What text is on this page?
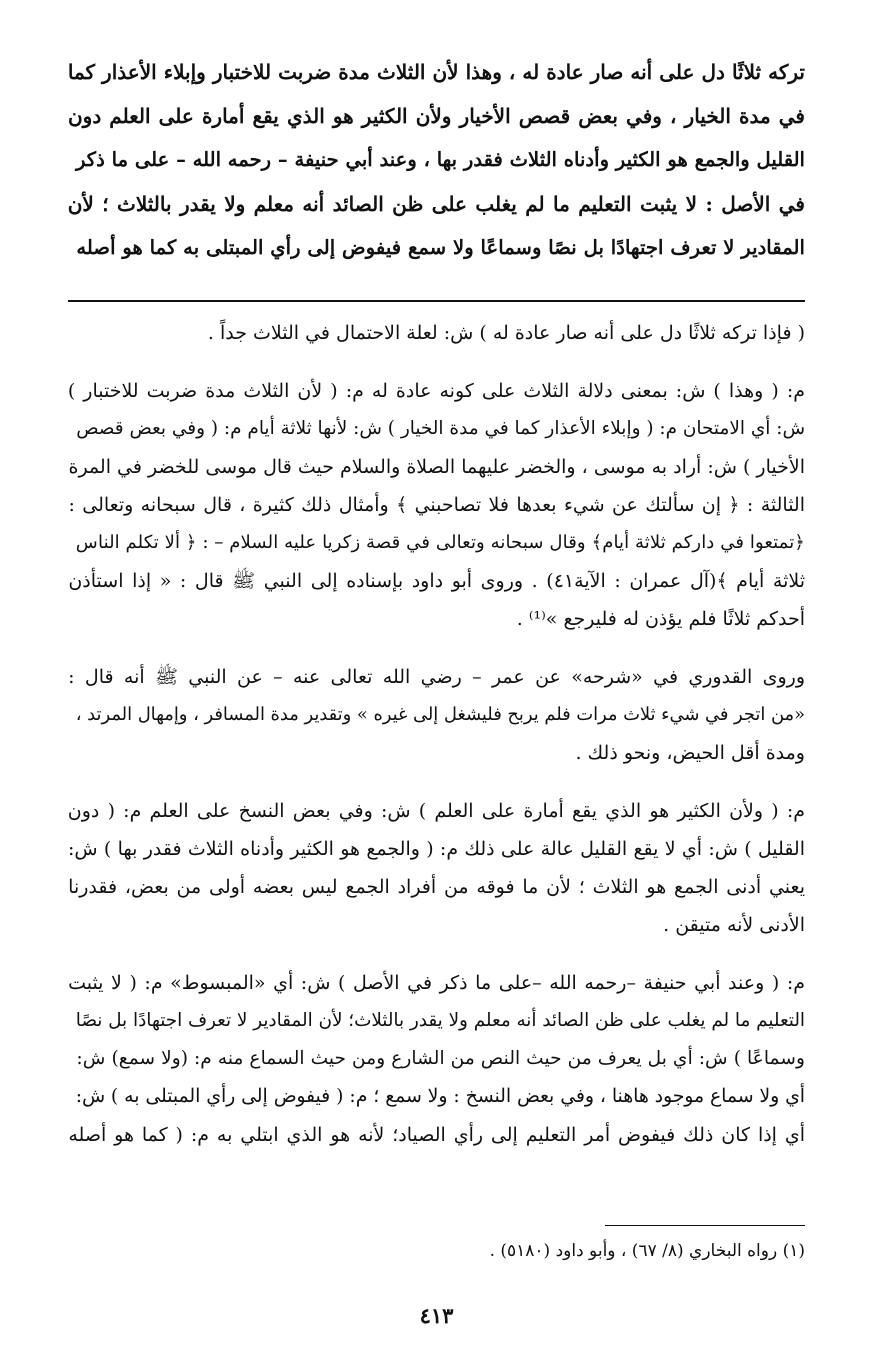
تركه ثلاثًا دل على أنه صار عادة له ، وهذا لأن الثلاث مدة ضربت للاختبار وإبلاء الأعذار كما
في مدة الخيار ، وفي بعض قصص الأخيار ولأن الكثير هو الذي يقع أمارة على العلم دون
القليل والجمع هو الكثير وأدناه الثلاث فقدر بها ، وعند أبي حنيفة – رحمه الله – على ما ذكر
في الأصل : لا يثبت التعليم ما لم يغلب على ظن الصائد أنه معلم ولا يقدر بالثلاث ؛ لأن
المقادير لا تعرف اجتهادًا بل نصًا وسماعًا ولا سمع فيفوض إلى رأي المبتلى به كما هو أصله

( فإذا تركه ثلاثًا دل على أنه صار عادة له ) ش: لعلة الاحتمال في الثلاث جداً .

م: ( وهذا ) ش: بمعنى دلالة الثلاث على كونه عادة له م: ( لأن الثلاث مدة ضربت للاختبار )
ش: أي الامتحان م: ( وإبلاء الأعذار كما في مدة الخيار ) ش: لأنها ثلاثة أيام م: ( وفي بعض قصص
الأخيار ) ش: أراد به موسى ، والخضر عليهما الصلاة والسلام حيث قال موسى للخضر في المرة
الثالثة : ﴿ إن سألتك عن شيء بعدها فلا تصاحبني ﴾ وأمثال ذلك كثيرة ، قال سبحانه وتعالى :
﴿تمتعوا في داركم ثلاثة أيام﴾ وقال سبحانه وتعالى في قصة زكريا عليه السلام – : ﴿ ألا تكلم الناس
ثلاثة أيام ﴾(آل عمران : الآية٤١) . وروى أبو داود بإسناده إلى النبي ﷺ قال : « إذا استأذن
أحدكم ثلاثًا فلم يؤذن له فليرجع »⁽¹⁾ .

وروى القدوري في «شرحه» عن عمر – رضي الله تعالى عنه – عن النبي ﷺ أنه قال :
«من اتجر في شيء ثلاث مرات فلم يربح فليشغل إلى غيره » وتقدير مدة المسافر ، وإمهال المرتد ،
ومدة أقل الحيض، ونحو ذلك .

م: ( ولأن الكثير هو الذي يقع أمارة على العلم ) ش: وفي بعض النسخ على العلم م: ( دون
القليل ) ش: أي لا يقع القليل عالة على ذلك م: ( والجمع هو الكثير وأدناه الثلاث فقدر بها ) ش:
يعني أدنى الجمع هو الثلاث ؛ لأن ما فوقه من أفراد الجمع ليس بعضه أولى من بعض، فقدرنا
الأدنى لأنه متيقن .

م: ( وعند أبي حنيفة –رحمه الله –على ما ذكر في الأصل ) ش: أي «المبسوط» م: ( لا يثبت
التعليم ما لم يغلب على ظن الصائد أنه معلم ولا يقدر بالثلاث؛ لأن المقادير لا تعرف اجتهادًا بل نصًا
وسماعًا ) ش: أي بل يعرف من حيث النص من الشارع ومن حيث السماع منه م: (ولا سمع) ش:
أي ولا سماع موجود هاهنا ، وفي بعض النسخ : ولا سمع ؛ م: ( فيفوض إلى رأي المبتلى به ) ش:
أي إذا كان ذلك فيفوض أمر التعليم إلى رأي الصياد؛ لأنه هو الذي ابتلي به م: ( كما هو أصله

(١) رواه البخاري (٨/ ٦٧) ، وأبو داود (٥١٨٠) .

٤١٣
